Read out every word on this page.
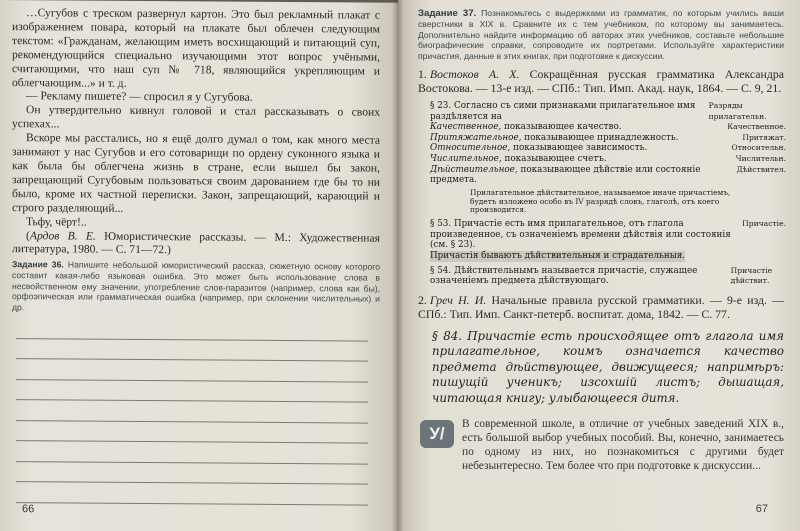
…Сугубов с треском развернул картон. Это был рекламный плакат с изображением повара, который на плакате был облечен следующим текстом: «Гражданам, желающим иметь восхищающий и питающий суп, рекомендующийся специально изучающими этот вопрос учёными, считающими, что наш суп № 718, являющийся укрепляющим и облегчающим...» и т. д.

— Рекламу пишете? — спросил я у Сугубова.

Он утвердительно кивнул головой и стал рассказывать о своих успехах...

Вскоре мы расстались, но я ещё долго думал о том, как много места занимают у нас Сугубов и его сотоварищи по ордену суконного языка и как была бы облегчена жизнь в стране, если вышел бы закон, запрещающий Сугубовым пользоваться своим дарованием где бы то ни было, кроме их частной переписки. Закон, запрещающий, карающий и строго разделяющий...

Тьфу, чёрт!..

(Ардов В. Е. Юмористические рассказы. — М.: Художественная литература, 1980. — С. 71—72.)

Задание 36. Напишите небольшой юмористический рассказ, сюжетную основу которого составит какая-либо языковая ошибка. Это может быть использование слова в несвойственном ему значении, употребление слов-паразитов (например, слова как бы), орфоэпическая или грамматическая ошибка (например, при склонении числительных) и др.
66
Задание 37. Познакомьтесь с выдержками из грамматик, по которым учились ваши сверстники в XIX в. Сравните их с тем учебником, по которому вы занимаетесь. Дополнительно найдите информацию об авторах этих учебников, составьте небольшие биографические справки, сопроводите их портретами. Используйте характеристики причастия, данные в этих книгах, при подготовке к дискуссии.
1. Востоков А. Х. Сокращённая русская грамматика Александра Востокова. — 13-е изд. — СПб.: Тип. Имп. Акад. наук, 1864. — С. 9, 21.
§ 23. Согласно съ сими признаками прилагательное имя раздѣляется на
Разряды прилагательн.
Качественное, показывающее качество.	Качественное.
Притяжательное, показывающее принадлежность.	Притяжат.
Относительное, показывающее зависимость.	Относительн.
Числительное, показывающее счетъ.	Числительн.
Дѣйствительное, показывающее дѣйствіе или состояніе предмета.
Дѣйствител.
Прилагательное дѣйствительное, называемое иначе причастіемъ, будетъ изложено особо въ IV разрядѣ словъ, глаголѣ, отъ коего производится.
§ 53. Причастіе есть имя прилагательное, отъ глагола произведенное, съ означеніемъ времени дѣйствія или состоянія (см. § 23).
Причастіе.
Причастія бываютъ дѣйствительныя и страдательныя.
§ 54. Дѣйствительнымъ называется причастіе, служащее означеніемъ предмета дѣйствующаго.
Причастіе дѣйствит.
2. Греч Н. И. Начальные правила русской грамматики. — 9-е изд. — СПб.: Тип. Имп. Санкт-петерб. воспитат. дома, 1842. — С. 77.
§ 84. Причастіе есть происходящее отъ глагола имя прилагательное, коимъ означается качество предмета дѣйствующее, движущееся; напримѣръ: пишущій ученикъ; изсохшій листъ; дышащая, читающая книгу; улыбающееся дитя.
У/	В современной школе, в отличие от учебных заведений XIX в., есть большой выбор учебных пособий. Вы, конечно, занимаетесь по одному из них, но познакомиться с другими будет небезынтересно. Тем более что при подготовке к дискуссии...
67
